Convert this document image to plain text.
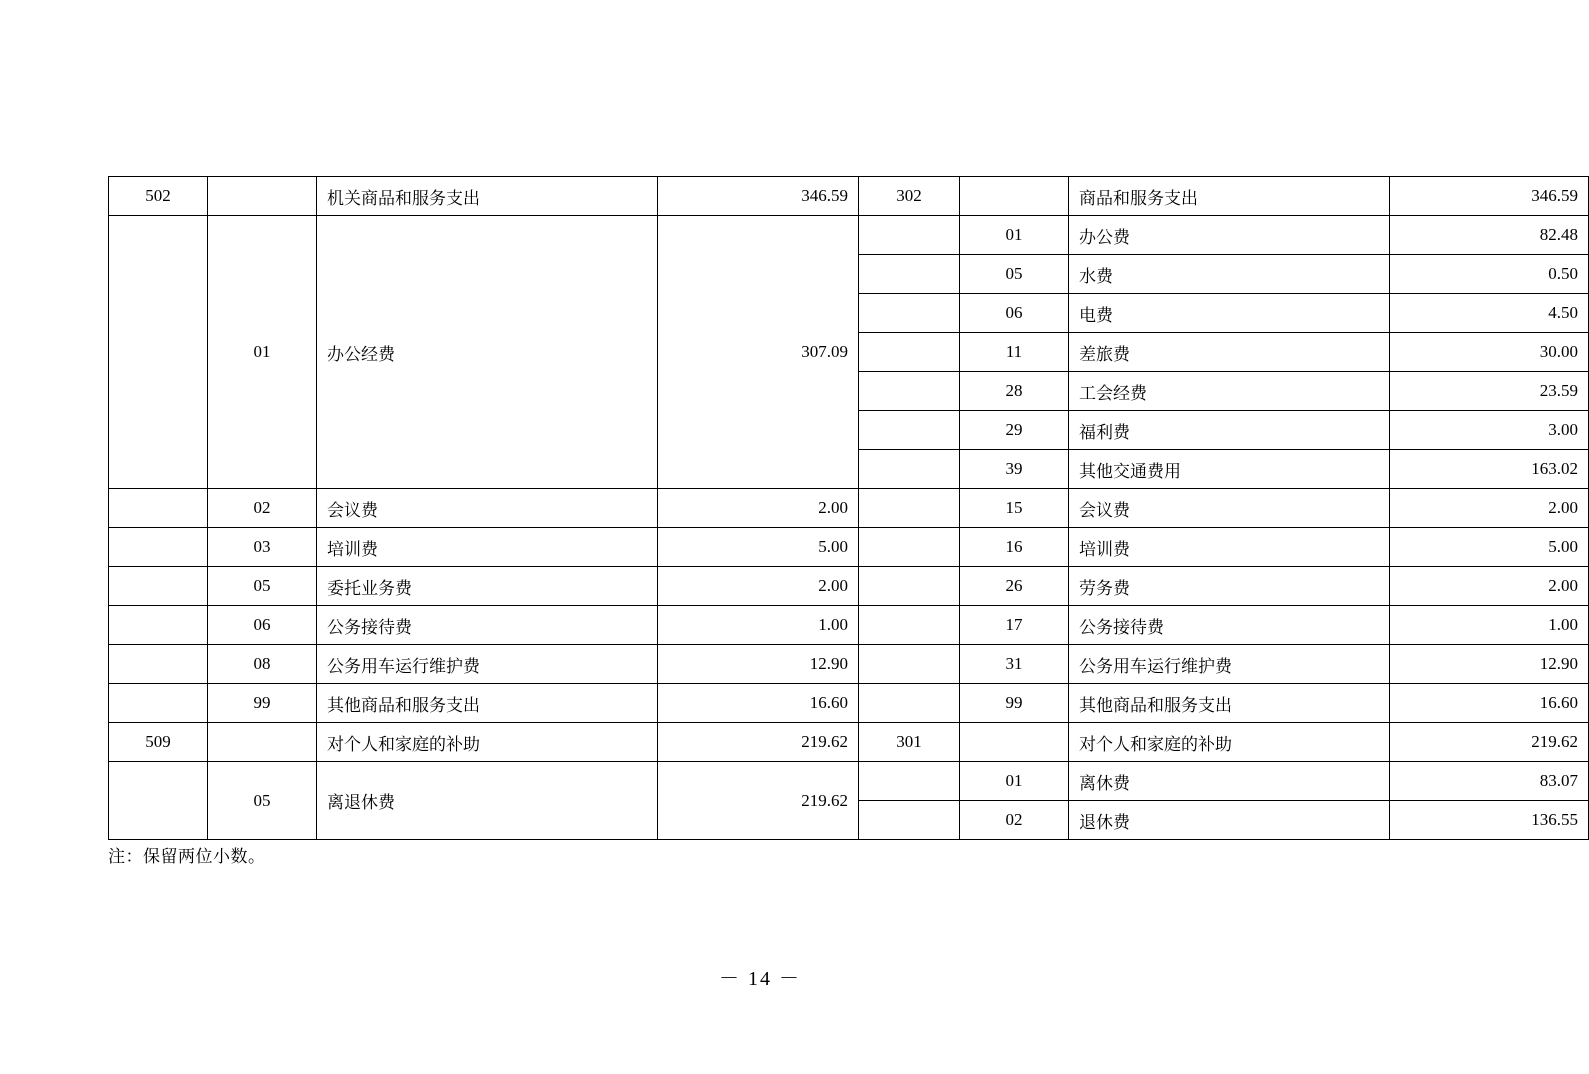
502		机关商品和服务支出	346.59	302		商品和服务支出	346.59
	01	办公经费	307.09		01	办公费	82.48
					05	水费	0.50
					06	电费	4.50
					11	差旅费	30.00
					28	工会经费	23.59
					29	福利费	3.00
					39	其他交通费用	163.02
	02	会议费	2.00		15	会议费	2.00
	03	培训费	5.00		16	培训费	5.00
	05	委托业务费	2.00		26	劳务费	2.00
	06	公务接待费	1.00		17	公务接待费	1.00
	08	公务用车运行维护费	12.90		31	公务用车运行维护费	12.90
	99	其他商品和服务支出	16.60		99	其他商品和服务支出	16.60
509		对个人和家庭的补助	219.62	301		对个人和家庭的补助	219.62
	05	离退休费	219.62		01	离休费	83.07
					02	退休费	136.55
注：保留两位小数。
－ 14 －
